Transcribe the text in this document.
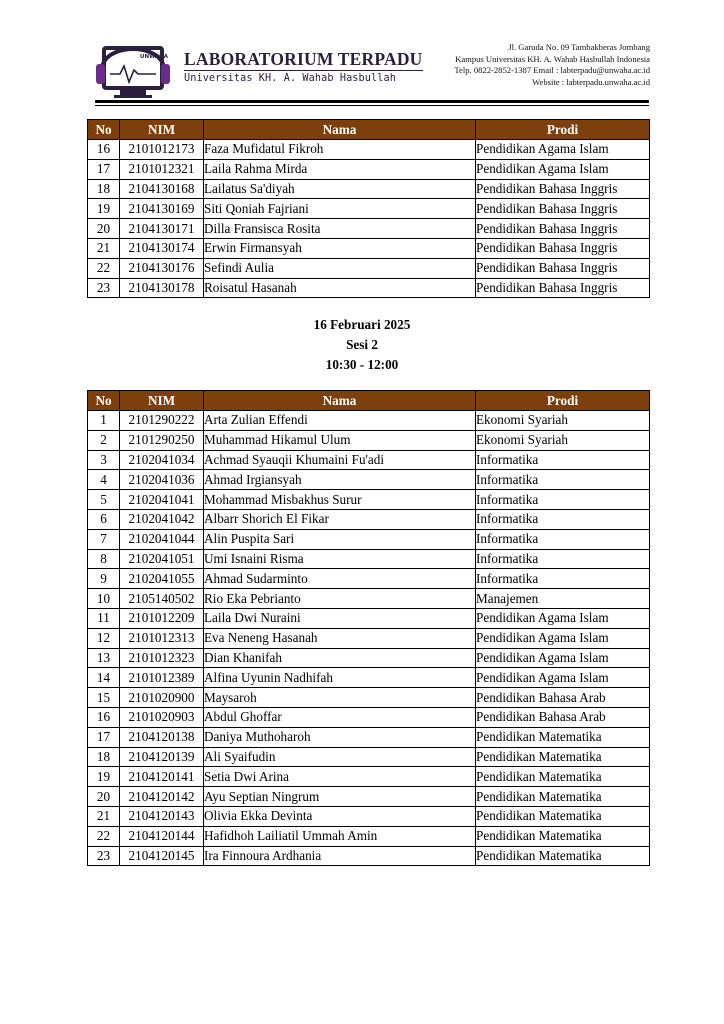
UNWAHA LABORATORIUM TERPADU
Universitas KH. A. Wahab Hasbullah
Jl. Garuda No. 09 Tambakberas Jombang
Kampus Universitas KH. A. Wahab Hasbullah Indonesia
Telp. 0822-2852-1387 Email : labterpadu@unwaha.ac.id
Website : labterpadu.unwaha.ac.id
No	NIM	Nama	Prodi
16	2101012173	Faza Mufidatul Fikroh	Pendidikan Agama Islam
17	2101012321	Laila Rahma Mirda	Pendidikan Agama Islam
18	2104130168	Lailatus Sa'diyah	Pendidikan Bahasa Inggris
19	2104130169	Siti Qoniah Fajriani	Pendidikan Bahasa Inggris
20	2104130171	Dilla Fransisca Rosita	Pendidikan Bahasa Inggris
21	2104130174	Erwin Firmansyah	Pendidikan Bahasa Inggris
22	2104130176	Sefindi Aulia	Pendidikan Bahasa Inggris
23	2104130178	Roisatul Hasanah	Pendidikan Bahasa Inggris
16 Februari 2025
Sesi 2
10:30 - 12:00
No	NIM	Nama	Prodi
1	2101290222	Arta Zulian Effendi	Ekonomi Syariah
2	2101290250	Muhammad Hikamul Ulum	Ekonomi Syariah
3	2102041034	Achmad Syauqii Khumaini Fu'adi	Informatika
4	2102041036	Ahmad Irgiansyah	Informatika
5	2102041041	Mohammad Misbakhus Surur	Informatika
6	2102041042	Albarr Shorich El Fikar	Informatika
7	2102041044	Alin Puspita Sari	Informatika
8	2102041051	Umi Isnaini Risma	Informatika
9	2102041055	Ahmad Sudarminto	Informatika
10	2105140502	Rio Eka Pebrianto	Manajemen
11	2101012209	Laila Dwi Nuraini	Pendidikan Agama Islam
12	2101012313	Eva Neneng Hasanah	Pendidikan Agama Islam
13	2101012323	Dian Khanifah	Pendidikan Agama Islam
14	2101012389	Alfina Uyunin Nadhifah	Pendidikan Agama Islam
15	2101020900	Maysaroh	Pendidikan Bahasa Arab
16	2101020903	Abdul Ghoffar	Pendidikan Bahasa Arab
17	2104120138	Daniya Muthoharoh	Pendidikan Matematika
18	2104120139	Ali Syaifudin	Pendidikan Matematika
19	2104120141	Setia Dwi Arina	Pendidikan Matematika
20	2104120142	Ayu Septian Ningrum	Pendidikan Matematika
21	2104120143	Olivia Ekka Devinta	Pendidikan Matematika
22	2104120144	Hafidhoh Lailiatil Ummah Amin	Pendidikan Matematika
23	2104120145	Ira Finnoura Ardhania	Pendidikan Matematika
